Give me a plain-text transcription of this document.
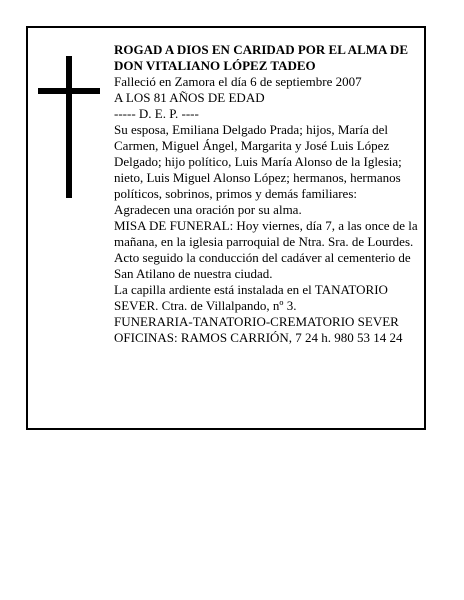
ROGAD A DIOS EN CARIDAD POR EL ALMA DE

DON VITALIANO LÓPEZ TADEO

Falleció en Zamora el día 6 de septiembre 2007

A LOS 81 AÑOS DE EDAD

----- D. E. P. ----

Su esposa, Emiliana Delgado Prada; hijos, María del Carmen, Miguel Ángel, Margarita y José Luis López Delgado; hijo político, Luis María Alonso de la Iglesia; nieto, Luis Miguel Alonso López; hermanos, hermanos políticos, sobrinos, primos y demás familiares:

Agradecen una oración por su alma.

MISA DE FUNERAL: Hoy viernes, día 7, a las once de la mañana, en la iglesia parroquial de Ntra. Sra. de Lourdes. Acto seguido la conducción del cadáver al cementerio de San Atilano de nuestra ciudad.

La capilla ardiente está instalada en el TANATORIO SEVER. Ctra. de Villalpando, nº 3.

FUNERARIA-TANATORIO-CREMATORIO SEVER

OFICINAS: RAMOS CARRIÓN, 7 24 h. 980 53 14 24
